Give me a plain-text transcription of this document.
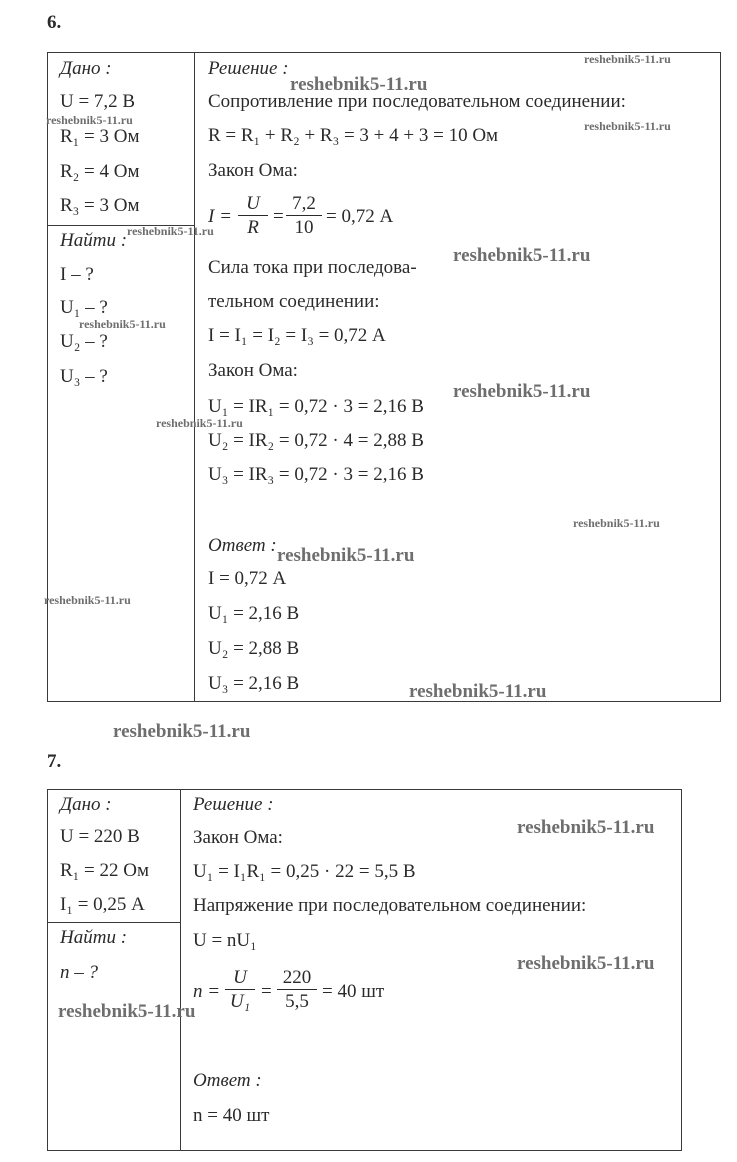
6.
Дано :
U = 7,2 В
R₁ = 3 Ом
R₂ = 4 Ом
R₃ = 3 Ом
Найти :
I – ?
U₁ – ?
U₂ – ?
U₃ – ?
Решение :
Сопротивление при последовательном соединении:
R = R₁ + R₂ + R₃ = 3 + 4 + 3 = 10 Ом
Закон Ома:
$I = \frac{U}{R} = \frac{7,2}{10} = 0,72$ А
Сила тока при последова-
тельном соединении:
I = I₁ = I₂ = I₃ = 0,72 А
Закон Ома:
U₁ = IR₁ = 0,72 · 3 = 2,16 В
U₂ = IR₂ = 0,72 · 4 = 2,88 В
U₃ = IR₃ = 0,72 · 3 = 2,16 В
Ответ :
I = 0,72 А
U₁ = 2,16 В
U₂ = 2,88 В
U₃ = 2,16 В
7.
Дано :
U = 220 В
R₁ = 22 Ом
I₁ = 0,25 А
Найти :
n – ?
Решение :
Закон Ома:
U₁ = I₁R₁ = 0,25 · 22 = 5,5 В
Напряжение при последовательном соединении:
U = nU₁
$n = \frac{U}{\text{U₁}} = \frac{220}{5,5} = 40$ шт
Ответ :
n = 40 шт
reshebnik5-11.ru
reshebnik5-11.ru
reshebnik5-11.ru	reshebnik5-11.ru
reshebnik5-11.ru
reshebnik5-11.ru
reshebnik5-11.ru
reshebnik5-11.ru
reshebnik5-11.ru
reshebnik5-11.ru
reshebnik5-11.ru
reshebnik5-11.ru
reshebnik5-11.ru
reshebnik5-11.ru
reshebnik5-11.ru
reshebnik5-11.ru
reshebnik5-11.ru
